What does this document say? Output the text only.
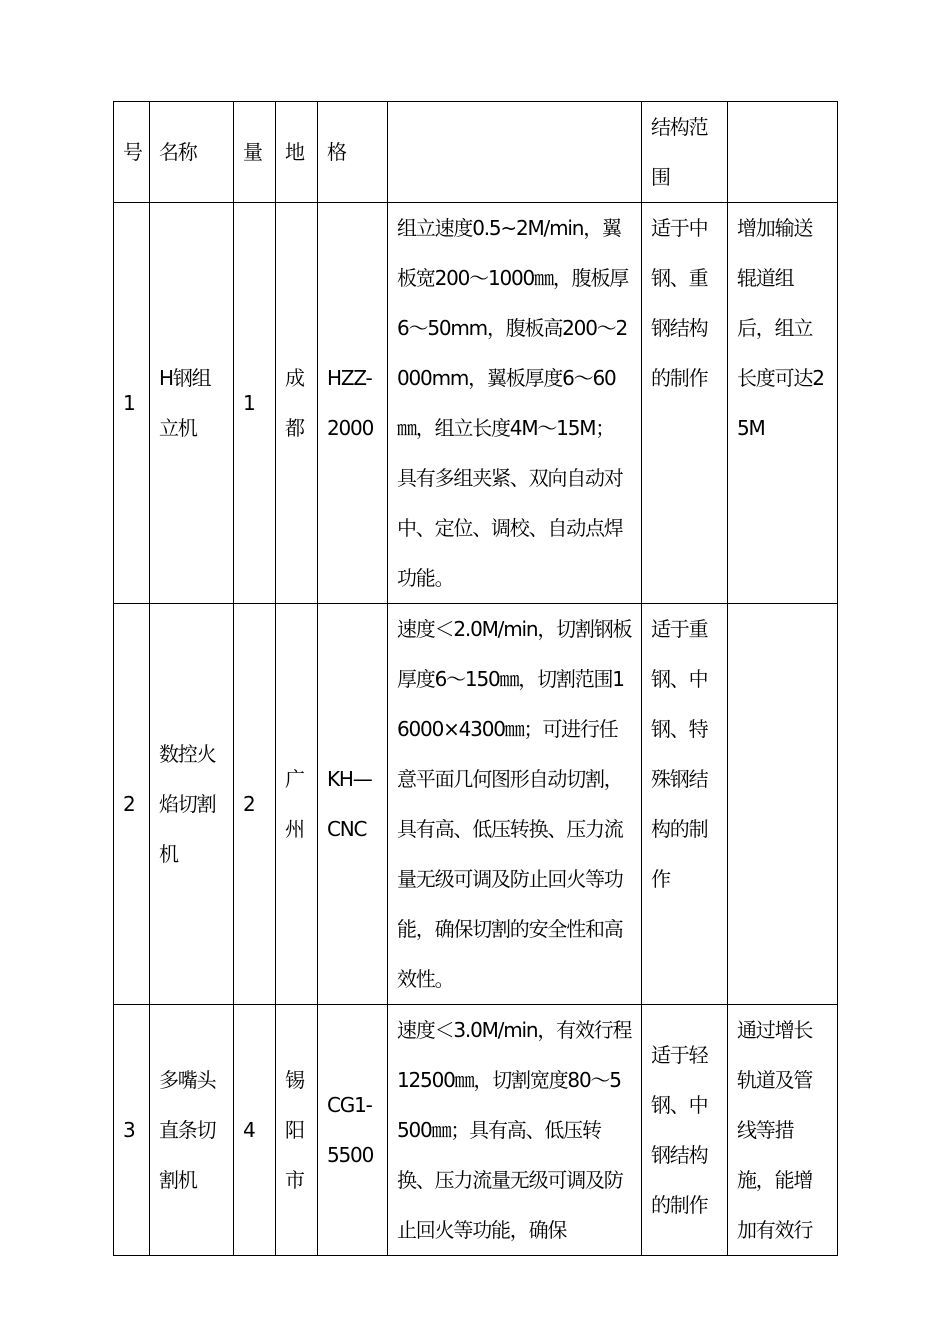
号	名称	量	地	格		结构范围	
1	H钢组立机	1	成都	HZZ-2000	组立速度0.5~2M/min，翼板宽200～1000㎜，腹板厚6～50mm，腹板高200～2000mm，翼板厚度6～60㎜，组立长度4M～15M；具有多组夹紧、双向自动对中、定位、调校、自动点焊功能。	适于中钢、重钢结构的制作	增加输送辊道组后，组立长度可达25M
2	数控火焰切割机	2	广州	KH—CNC	速度＜2.0M/min，切割钢板厚度6～150㎜，切割范围16000×4300㎜；可进行任意平面几何图形自动切割，具有高、低压转换、压力流量无级可调及防止回火等功能，确保切割的安全性和高效性。	适于重钢、中钢、特殊钢结构的制作	
3	多嘴头直条切割机	4	锡阳市	CG1-5500	速度＜3.0M/min，有效行程12500㎜，切割宽度80～5500㎜；具有高、低压转换、压力流量无级可调及防止回火等功能，确保	适于轻钢、中钢结构的制作	通过增长轨道及管线等措施，能增加有效行
